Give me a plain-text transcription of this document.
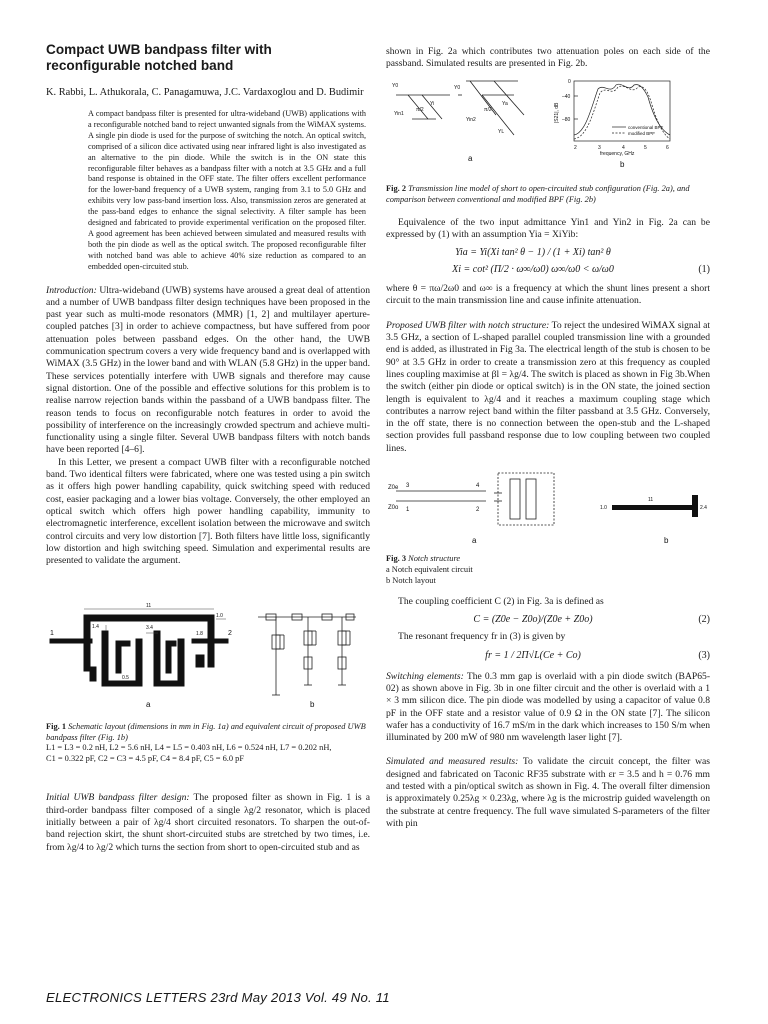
Compact UWB bandpass filter with reconfigurable notched band
K. Rabbi, L. Athukorala, C. Panagamuwa, J.C. Vardaxoglou and D. Budimir

A compact bandpass filter is presented for ultra-wideband (UWB) applications with a reconfigurable notched band to reject unwanted signals from the WiMAX systems. A single pin diode is used for the purpose of switching the notch. An optical switch, comprised of a silicon dice activated using near infrared light is also investigated as an alternative to the pin diode. While the switch is in the ON state this reconfigurable filter behaves as a bandpass filter with a notch at 3.5 GHz and a full band response is obtained in the OFF state. The filter offers excellent performance for the lower-band frequency of a UWB system, ranging from 3.1 to 5.0 GHz and exhibits very low pass-band insertion loss. Also, transmission zeros are generated at the pass-band edges to enhance the signal selectivity. A filter sample has been designed and fabricated to provide experimental verification on the proposed filter. A good agreement has been achieved between simulated and measured results with both the pin diode as well as the optical switch. The proposed reconfigurable filter with notched band was able to achieve 40% size reduction as compared to an embedded open-circuited stub.

Introduction: Ultra-wideband (UWB) systems have aroused a great deal of attention and a number of UWB bandpass filter design techniques have been proposed in the past year such as multi-mode resonators (MMR) [1, 2] and multilayer aperture-coupled patches [3] in order to achieve compactness, but have suffered from poor attenuation poles between passband edges. On the other hand, the UWB communication spectrum covers a very wide frequency band and is overlapped with WiMAX (3.5 GHz) in the lower band and with WLAN (5.8 GHz) in the upper band. These services potentially interfere with UWB signals and therefore may cause signal distortion. One of the possible and effective solutions for this problem is to realise narrow rejection bands within the passband of a UWB bandpass filter. The reason tends to focus on reconfigurable notch features in order to avoid the possibility of interference on the increasingly crowded spectrum and achieve multi-functionality using a single filter. Several UWB bandpass filters with notch bands have been reported [4–6].

In this Letter, we present a compact UWB filter with a reconfigurable notched band. Two identical filters were fabricated, where one was tested using a pin switch as it offers high power handling capability, quick switching speed with reduced cost, easier packaging and a lower bias voltage. Conversely, the other employed an optical switch which offers high power handling capability, immunity to electromagnetic interference, excellent isolation between the microwave and switch control circuits and very low distortion [7]. Both filters have little loss, significantly low distortion and high switching speed. Simulation and experimental results are presented to validate the argument.

11
1.4	3.4
1.0
0.5
1.8
1	2
a	b

Fig. 1 Schematic layout (dimensions in mm in Fig. 1a) and equivalent circuit of proposed UWB bandpass filter (Fig. 1b)

L1 = L3 = 0.2 nH, L2 = 5.6 nH, L4 = L5 = 0.403 nH, L6 = 0.524 nH, L7 = 0.202 nH,

C1 = 0.322 pF, C2 = C3 = 4.5 pF, C4 = 8.4 pF, C5 = 6.0 pF

Initial UWB bandpass filter design: The proposed filter as shown in Fig. 1 is a third-order bandpass filter composed of a single λg/2 resonator, which is placed initially between a pair of λg/4 short circuited resonators. To sharpen the out-of-band rejection skirt, the shunt short-circuited stubs are stretched by two times, i.e. from λg/4 to λg/2 which turns the section from short to open-circuited stub and as

shown in Fig. 2a which contributes two attenuation poles on each side of the passband. Simulated results are presented in Fig. 2b.

Y0
Yi
π/2
Yin1
Y0
Ya
π/2
Yin2
YL
a
|S21|, dB
0
–40
–80
2	3	4	5	6
frequency, GHz
conventional BPF
modified BPF
b

Fig. 2 Transmission line model of short to open-circuited stub configuration (Fig. 2a), and comparison between conventional and modified BPF (Fig. 2b)

Equivalence of the two input admittance Yin1 and Yin2 in Fig. 2a can be expressed by (1) with an assumption Yia = XiYib:

Yia = Yi(Xi tan² θ − 1) / (1 + Xi) tan² θ
Xi = cot² (Π/2 · ω∞/ω0) ω∞/ω0 < ω/ω0	(1)

where θ = πω/2ω0 and ω∞ is a frequency at which the shunt lines present a short circuit to the main transmission line and cause infinite attenuation.

Proposed UWB filter with notch structure: To reject the undesired WiMAX signal at 3.5 GHz, a section of L-shaped parallel coupled transmission line with a grounded end is added, as illustrated in Fig 3a. The electrical length of the stub is chosen to be 90° at 3.5 GHz in order to create a transmission zero at this frequency as coupled lines coupling maximise at βl = λg/4. The switch is placed as shown in Fig 3b.When the switch (either pin diode or optical switch) is in the ON state, the joined section length is equivalent to λg/4 and it reaches a maximum coupling stage which contributes a narrow reject band within the filter passband at 3.5 GHz. Conversely, in the off state, there is no connection between the open-stub and the L-shaped section provides full passband response due to low coupling between two coupled lines.

Z0e
Z0o 1	2
3	4
11
1.0	2.4
a	b

Fig. 3 Notch structure

a Notch equivalent circuit

b Notch layout

The coupling coefficient C (2) in Fig. 3a is defined as

C = (Z0e − Z0o)/(Z0e + Z0o)	(2)

The resonant frequency fr in (3) is given by

fr = 1 / 2Π√L(Ce + Co)	(3)

Switching elements: The 0.3 mm gap is overlaid with a pin diode switch (BAP65-02) as shown above in Fig. 3b in one filter circuit and the other is overlaid with a 1 × 3 mm silicon dice. The pin diode was modelled by using a capacitor of value 0.8 pF in the OFF state and a resistor value of 0.9 Ω in the ON state [7]. The silicon wafer has a conductivity of 16.7 mS/m in the dark which increases to 150 S/m when illuminated by 200 mW of 980 nm wavelength laser light [7].

Simulated and measured results: To validate the circuit concept, the filter was designed and fabricated on Taconic RF35 substrate with εr = 3.5 and h = 0.76 mm and tested with a pin/optical switch as shown in Fig. 4. The overall filter dimension is approximately 0.25λg × 0.23λg, where λg is the microstrip guided wavelength on the substrate at centre frequency. The full wave simulated S-parameters of the filter with pin

ELECTRONICS LETTERS 23rd May 2013 Vol. 49 No. 11
